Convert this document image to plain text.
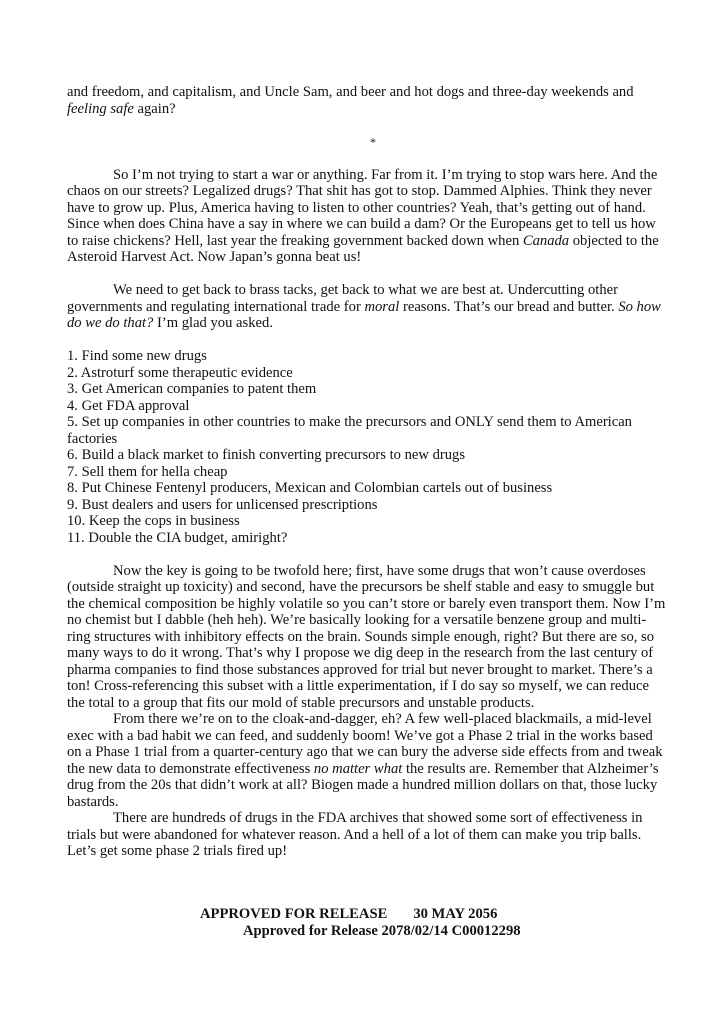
and freedom, and capitalism, and Uncle Sam, and beer and hot dogs and three-day weekends and
feeling safe again?

*

So I’m not trying to start a war or anything. Far from it. I’m trying to stop wars here. And the chaos on our streets? Legalized drugs? That shit has got to stop. Dammed Alphies. Think they never have to grow up. Plus, America having to listen to other countries? Yeah, that’s getting out of hand. Since when does China have a say in where we can build a dam? Or the Europeans get to tell us how to raise chickens? Hell, last year the freaking government backed down when Canada objected to the Asteroid Harvest Act. Now Japan’s gonna beat us!

We need to get back to brass tacks, get back to what we are best at. Undercutting other governments and regulating international trade for moral reasons. That’s our bread and butter. So how do we do that? I’m glad you asked.

1. Find some new drugs
2. Astroturf some therapeutic evidence
3. Get American companies to patent them
4. Get FDA approval
5. Set up companies in other countries to make the precursors and ONLY send them to American factories
6. Build a black market to finish converting precursors to new drugs
7. Sell them for hella cheap
8. Put Chinese Fentenyl producers, Mexican and Colombian cartels out of business
9. Bust dealers and users for unlicensed prescriptions
10. Keep the cops in business
11. Double the CIA budget, amiright?

Now the key is going to be twofold here; first, have some drugs that won’t cause overdoses (outside straight up toxicity) and second, have the precursors be shelf stable and easy to smuggle but the chemical composition be highly volatile so you can’t store or barely even transport them. Now I’m no chemist but I dabble (heh heh). We’re basically looking for a versatile benzene group and multi-ring structures with inhibitory effects on the brain. Sounds simple enough, right? But there are so, so many ways to do it wrong. That’s why I propose we dig deep in the research from the last century of pharma companies to find those substances approved for trial but never brought to market. There’s a ton! Cross-referencing this subset with a little experimentation, if I do say so myself, we can reduce the total to a group that fits our mold of stable precursors and unstable products.

From there we’re on to the cloak-and-dagger, eh? A few well-placed blackmails, a mid-level exec with a bad habit we can feed, and suddenly boom! We’ve got a Phase 2 trial in the works based on a Phase 1 trial from a quarter-century ago that we can bury the adverse side effects from and tweak the new data to demonstrate effectiveness no matter what the results are. Remember that Alzheimer’s drug from the 20s that didn’t work at all? Biogen made a hundred million dollars on that, those lucky bastards.

There are hundreds of drugs in the FDA archives that showed some sort of effectiveness in trials but were abandoned for whatever reason. And a hell of a lot of them can make you trip balls. Let’s get some phase 2 trials fired up!

APPROVED FOR RELEASE 30 MAY 2056
Approved for Release 2078/02/14 C00012298
